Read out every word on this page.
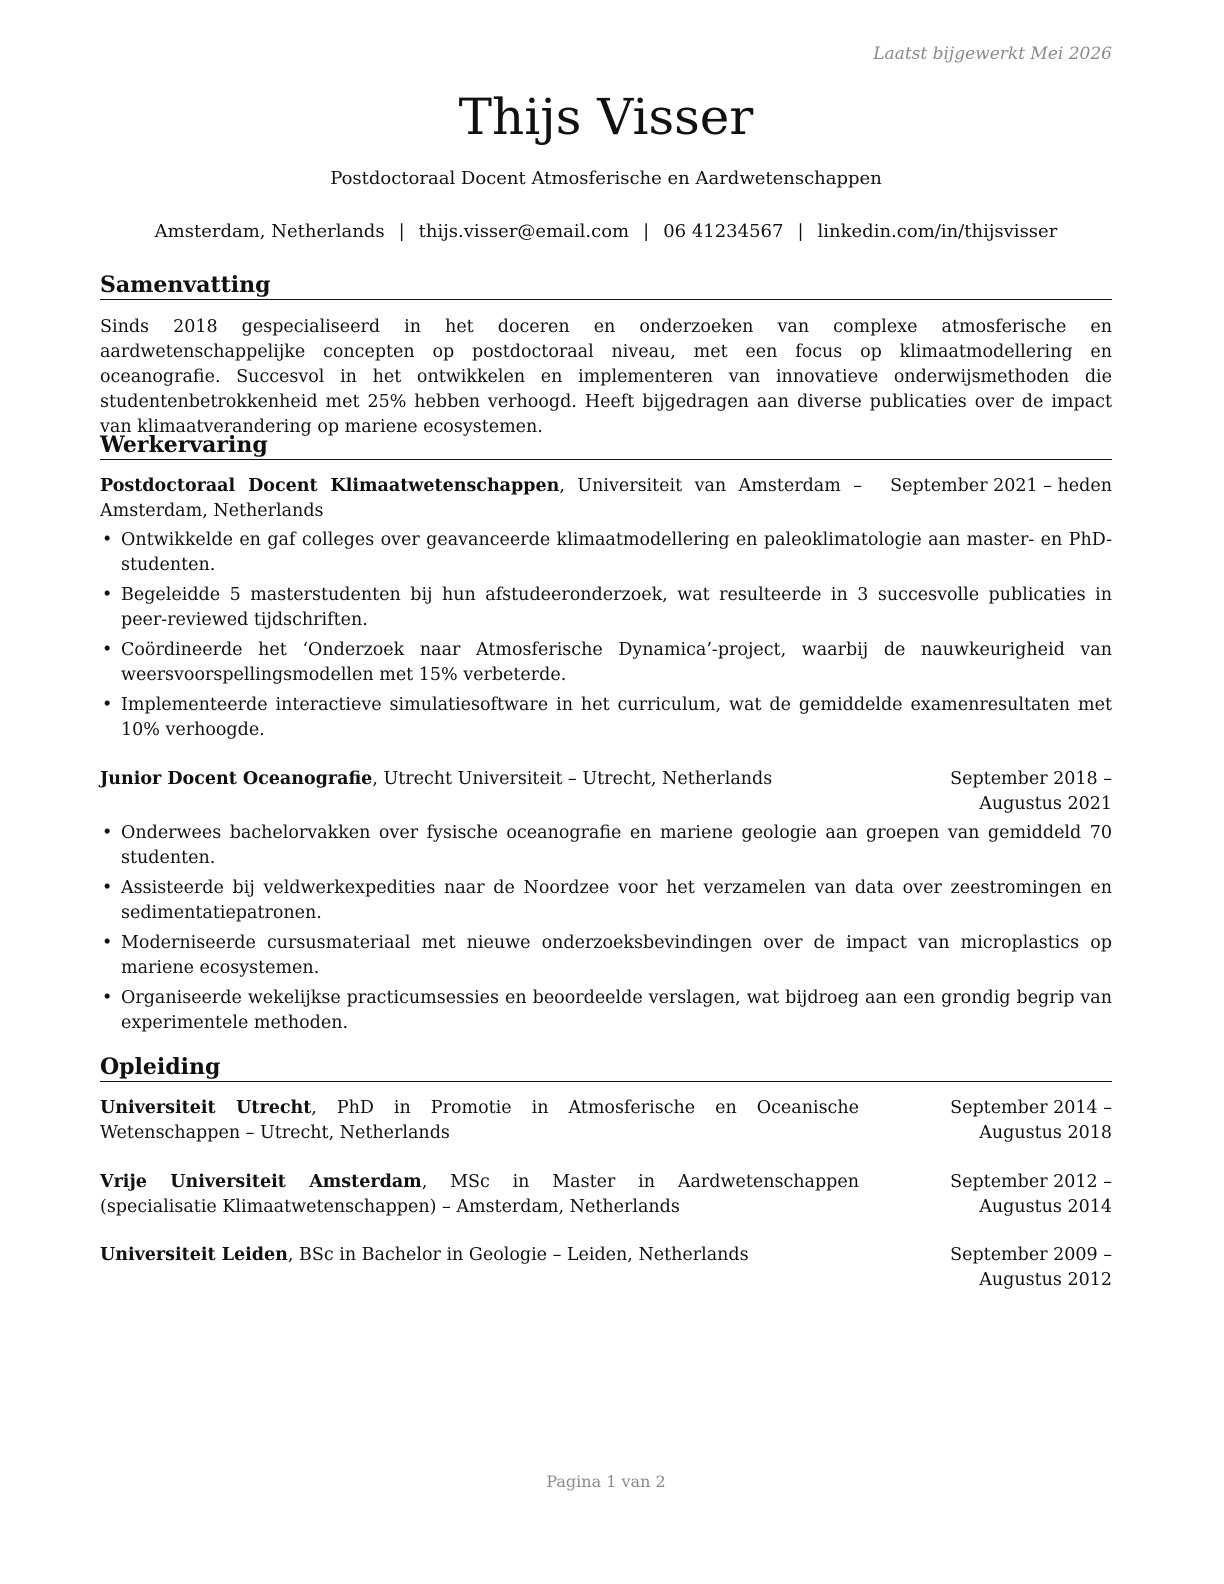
Laatst bijgewerkt Mei 2026
Thijs Visser
Postdoctoraal Docent Atmosferische en Aardwetenschappen
Amsterdam, Netherlands | thijs.visser@email.com | 06 41234567 | linkedin.com/in/thijsvisser
Samenvatting
Sinds 2018 gespecialiseerd in het doceren en onderzoeken van complexe atmosferische en aardwetenschappelijke concepten op postdoctoraal niveau, met een focus op klimaatmodellering en oceanografie. Succesvol in het ontwikkelen en implementeren van innovatieve onderwijsmethoden die studentenbetrokkenheid met 25% hebben verhoogd. Heeft bijgedragen aan diverse publicaties over de impact van klimaatverandering op mariene ecosystemen.
Werkervaring
Postdoctoraal Docent Klimaatwetenschappen, Universiteit van Amsterdam – Amsterdam, Netherlands
September 2021 – heden
• Ontwikkelde en gaf colleges over geavanceerde klimaatmodellering en paleoklimatologie aan master- en PhD-studenten.
• Begeleidde 5 masterstudenten bij hun afstudeeronderzoek, wat resulteerde in 3 succesvolle publicaties in peer-reviewed tijdschriften.
• Coördineerde het ‘Onderzoek naar Atmosferische Dynamica’-project, waarbij de nauwkeurigheid van weersvoorspellingsmodellen met 15% verbeterde.
• Implementeerde interactieve simulatiesoftware in het curriculum, wat de gemiddelde examenresultaten met 10% verhoogde.
Junior Docent Oceanografie, Utrecht Universiteit – Utrecht, Netherlands	September 2018 – Augustus 2021
• Onderwees bachelorvakken over fysische oceanografie en mariene geologie aan groepen van gemiddeld 70 studenten.
• Assisteerde bij veldwerkexpedities naar de Noordzee voor het verzamelen van data over zeestromingen en sedimentatiepatronen.
• Moderniseerde cursusmateriaal met nieuwe onderzoeksbevindingen over de impact van microplastics op mariene ecosystemen.
• Organiseerde wekelijkse practicumsessies en beoordeelde verslagen, wat bijdroeg aan een grondig begrip van experimentele methoden.
Opleiding
Universiteit Utrecht, PhD in Promotie in Atmosferische en Oceanische Wetenschappen – Utrecht, Netherlands
September 2014 – Augustus 2018
Vrije Universiteit Amsterdam, MSc in Master in Aardwetenschappen (specialisatie Klimaatwetenschappen) – Amsterdam, Netherlands
September 2012 – Augustus 2014
Universiteit Leiden, BSc in Bachelor in Geologie – Leiden, Netherlands	September 2009 – Augustus 2012
Pagina 1 van 2
